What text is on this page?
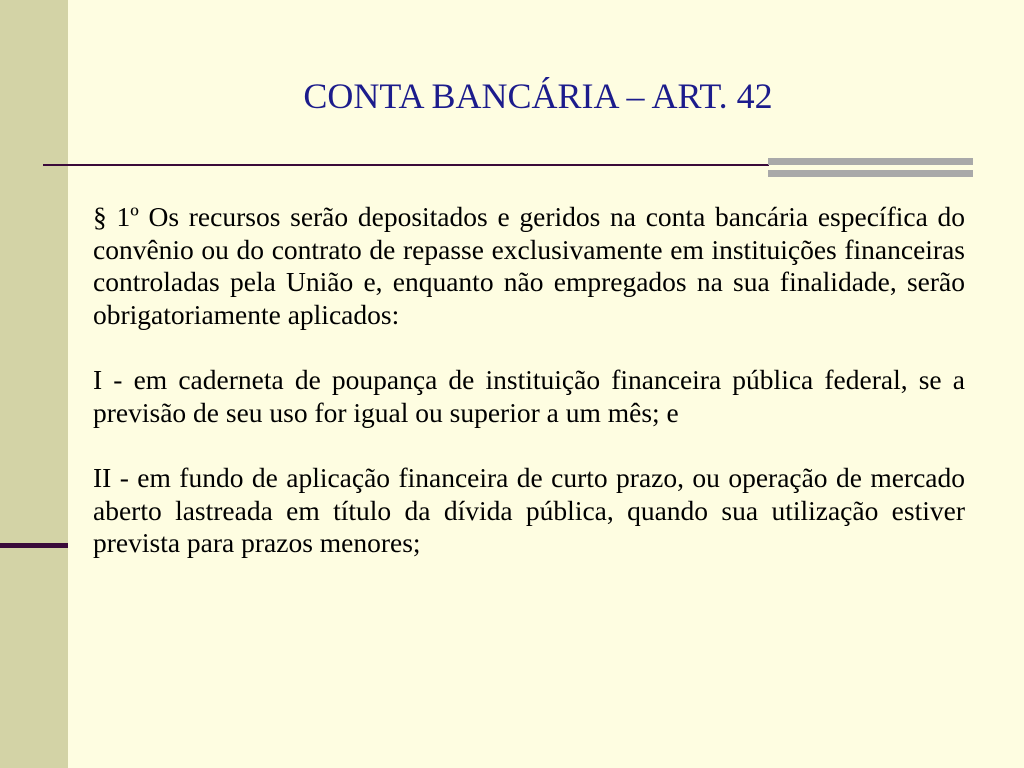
CONTA BANCÁRIA – ART. 42

§ 1º Os recursos serão depositados e geridos na conta bancária específica do convênio ou do contrato de repasse exclusivamente em instituições financeiras controladas pela União e, enquanto não empregados na sua finalidade, serão obrigatoriamente aplicados:

I - em caderneta de poupança de instituição financeira pública federal, se a previsão de seu uso for igual ou superior a um mês; e

II - em fundo de aplicação financeira de curto prazo, ou operação de mercado aberto lastreada em título da dívida pública, quando sua utilização estiver prevista para prazos menores;
